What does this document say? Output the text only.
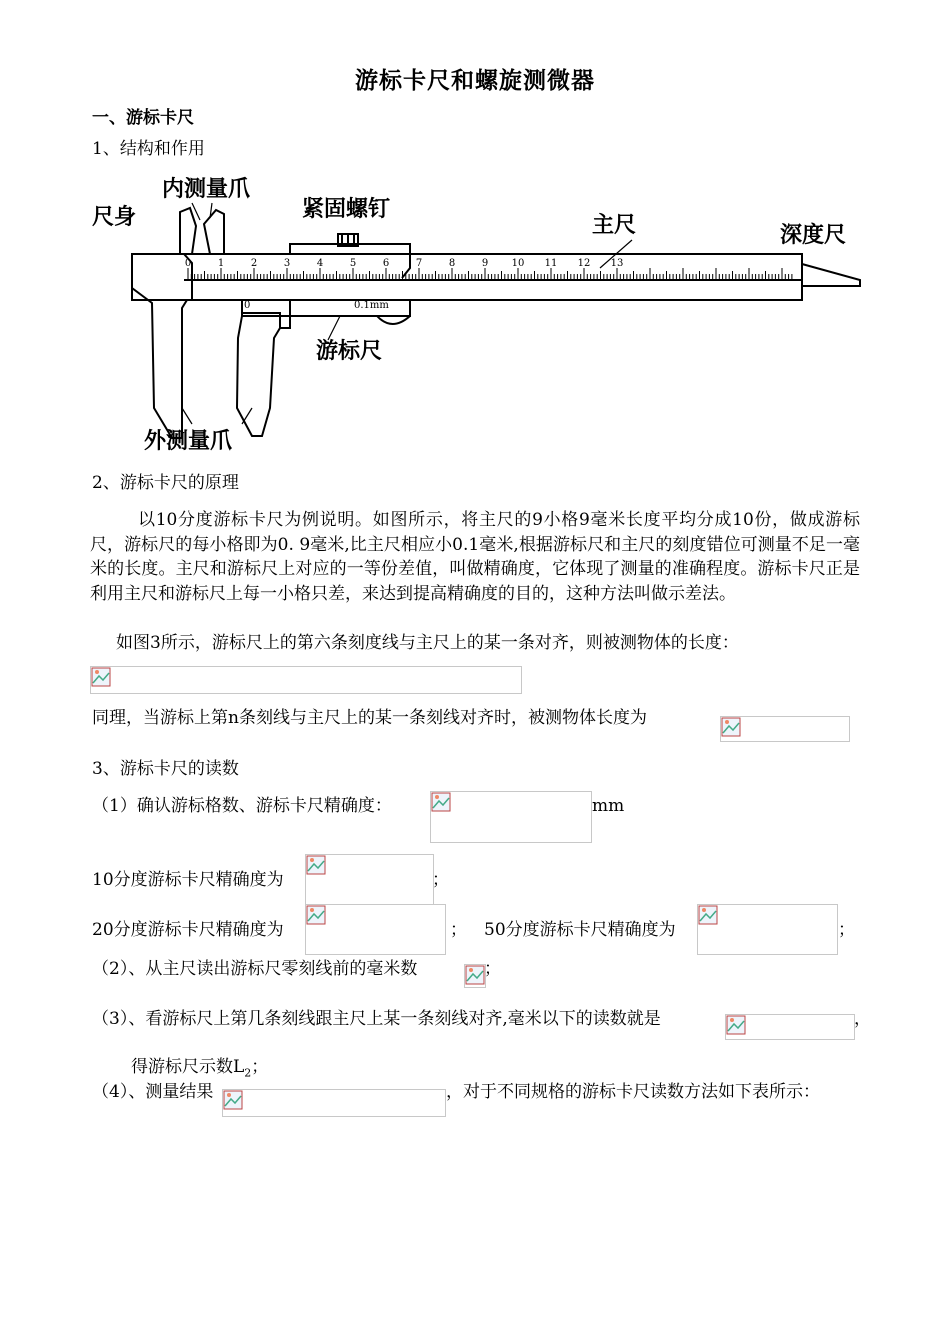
游标卡尺和螺旋测微器
一、游标卡尺
1、结构和作用
0	1	2	3	4	5	6	7	8	9 10 11 12 13
0.1mm
0
尺身
内测量爪
紧固螺钉
主尺	深度尺
游标尺
外测量爪
2、游标卡尺的原理

以10分度游标卡尺为例说明。如图所示，将主尺的9小格9毫米长度平均分成10份，做成游标尺，游标尺的每小格即为0. 9毫米,比主尺相应小0.1毫米,根据游标尺和主尺的刻度错位可测量不足一毫米的长度。主尺和游标尺上对应的一等份差值，叫做精确度，它体现了测量的准确程度。游标卡尺正是利用主尺和游标尺上每一小格只差，来达到提高精确度的目的，这种方法叫做示差法。

如图3所示，游标尺上的第六条刻度线与主尺上的某一条对齐，则被测物体的长度：
同理，当游标上第n条刻线与主尺上的某一条刻线对齐时，被测物体长度为
3、游标卡尺的读数
（1）确认游标格数、游标卡尺精确度：	mm
10分度游标卡尺精确度为	；
20分度游标卡尺精确度为	； 50分度游标卡尺精确度为	；
（2）、从主尺读出游标尺零刻线前的毫米数	；
（3）、看游标尺上第几条刻线跟主尺上某一条刻线对齐,毫米以下的读数就是	，
得游标尺示数$L_2$；
（4）、测量结果	，对于不同规格的游标卡尺读数方法如下表所示：
